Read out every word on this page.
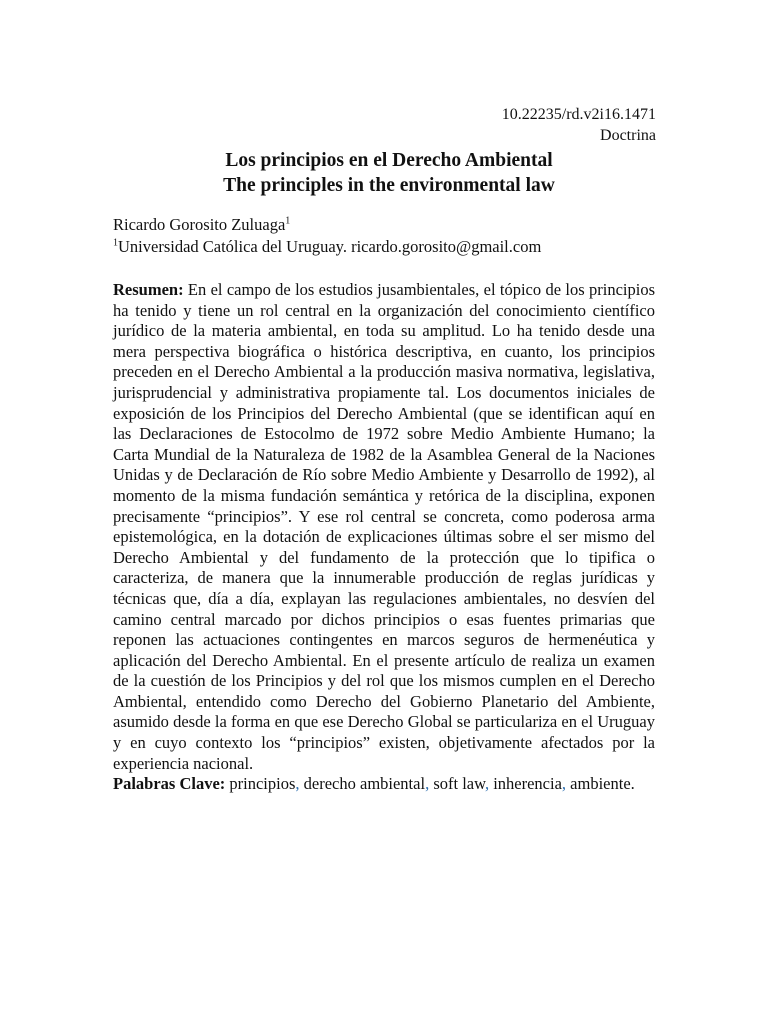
10.22235/rd.v2i16.1471
Doctrina
Los principios en el Derecho Ambiental
The principles in the environmental law
Ricardo Gorosito Zuluaga$^1$
$^1$Universidad Católica del Uruguay. ricardo.gorosito@gmail.com
Resumen: En el campo de los estudios jusambientales, el tópico de los principios ha tenido y tiene un rol central en la organización del conocimiento científico jurídico de la materia ambiental, en toda su amplitud. Lo ha tenido desde una mera perspectiva biográfica o histórica descriptiva, en cuanto, los principios preceden en el Derecho Ambiental a la producción masiva normativa, legislativa, jurisprudencial y administrativa propiamente tal. Los documentos iniciales de exposición de los Principios del Derecho Ambiental (que se identifican aquí en las Declaraciones de Estocolmo de 1972 sobre Medio Ambiente Humano; la Carta Mundial de la Naturaleza de 1982 de la Asamblea General de la Naciones Unidas y de Declaración de Río sobre Medio Ambiente y Desarrollo de 1992), al momento de la misma fundación semántica y retórica de la disciplina, exponen precisamente “principios”. Y ese rol central se concreta, como poderosa arma epistemológica, en la dotación de explicaciones últimas sobre el ser mismo del Derecho Ambiental y del fundamento de la protección que lo tipifica o caracteriza, de manera que la innumerable producción de reglas jurídicas y técnicas que, día a día, explayan las regulaciones ambientales, no desvíen del camino central marcado por dichos principios o esas fuentes primarias que reponen las actuaciones contingentes en marcos seguros de hermenéutica y aplicación del Derecho Ambiental. En el presente artículo de realiza un examen de la cuestión de los Principios y del rol que los mismos cumplen en el Derecho Ambiental, entendido como Derecho del Gobierno Planetario del Ambiente, asumido desde la forma en que ese Derecho Global se particulariza en el Uruguay y en cuyo contexto los “principios” existen, objetivamente afectados por la experiencia nacional.
Palabras Clave: principios, derecho ambiental, soft law, inherencia, ambiente.
